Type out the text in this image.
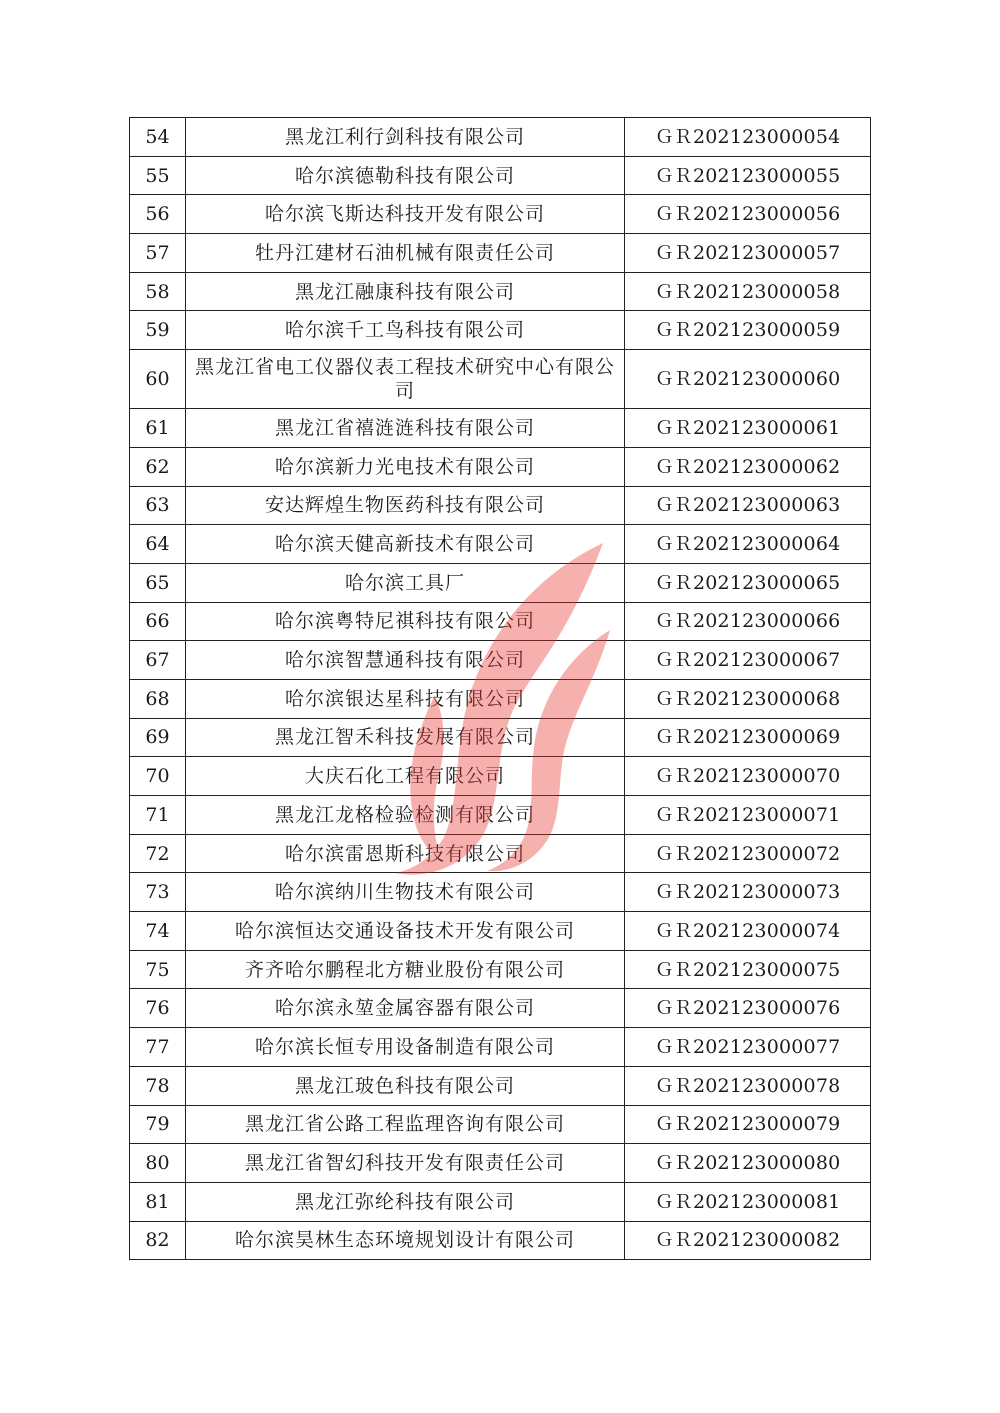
54	黑龙江利行剑科技有限公司	ＧＲ202123000054
55	哈尔滨德勒科技有限公司	ＧＲ202123000055
56	哈尔滨飞斯达科技开发有限公司	ＧＲ202123000056
57	牡丹江建材石油机械有限责任公司	ＧＲ202123000057
58	黑龙江融康科技有限公司	ＧＲ202123000058
59	哈尔滨千工鸟科技有限公司	ＧＲ202123000059
60	黑龙江省电工仪器仪表工程技术研究中心有限公司	ＧＲ202123000060
61	黑龙江省禧涟涟科技有限公司	ＧＲ202123000061
62	哈尔滨新力光电技术有限公司	ＧＲ202123000062
63	安达辉煌生物医药科技有限公司	ＧＲ202123000063
64	哈尔滨天健高新技术有限公司	ＧＲ202123000064
65	哈尔滨工具厂	ＧＲ202123000065
66	哈尔滨粤特尼祺科技有限公司	ＧＲ202123000066
67	哈尔滨智慧通科技有限公司	ＧＲ202123000067
68	哈尔滨银达星科技有限公司	ＧＲ202123000068
69	黑龙江智禾科技发展有限公司	ＧＲ202123000069
70	大庆石化工程有限公司	ＧＲ202123000070
71	黑龙江龙格检验检测有限公司	ＧＲ202123000071
72	哈尔滨雷恩斯科技有限公司	ＧＲ202123000072
73	哈尔滨纳川生物技术有限公司	ＧＲ202123000073
74	哈尔滨恒达交通设备技术开发有限公司	ＧＲ202123000074
75	齐齐哈尔鹏程北方糖业股份有限公司	ＧＲ202123000075
76	哈尔滨永堃金属容器有限公司	ＧＲ202123000076
77	哈尔滨长恒专用设备制造有限公司	ＧＲ202123000077
78	黑龙江玻色科技有限公司	ＧＲ202123000078
79	黑龙江省公路工程监理咨询有限公司	ＧＲ202123000079
80	黑龙江省智幻科技开发有限责任公司	ＧＲ202123000080
81	黑龙江弥纶科技有限公司	ＧＲ202123000081
82	哈尔滨昊林生态环境规划设计有限公司	ＧＲ202123000082
